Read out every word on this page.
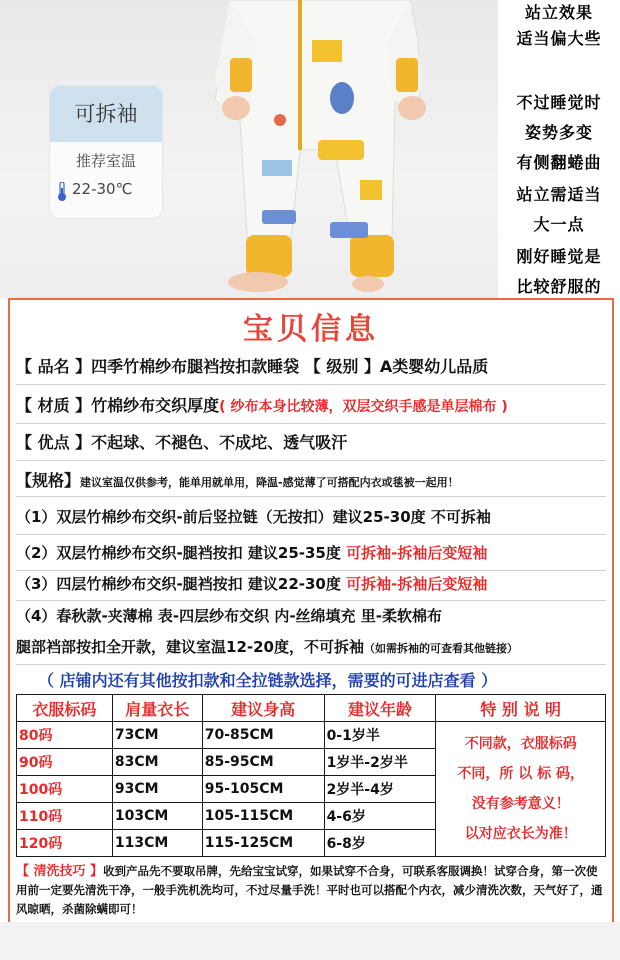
可拆袖
推荐室温
22-30℃
站立效果
适当偏大些
不过睡觉时
姿势多变
有侧翻蜷曲
站立需适当
大一点
刚好睡觉是
比较舒服的
宝贝信息
【 品名 】四季竹棉纱布腿裆按扣款睡袋 【 级别 】A类婴幼儿品质
【 材质 】竹棉纱布交织厚度( 纱布本身比较薄，双层交织手感是单层棉布 )
【 优点 】不起球、不褪色、不成坨、透气吸汗
【规格】建议室温仅供参考，能单用就单用，降温-感觉薄了可搭配内衣或毯被一起用！
（1）双层竹棉纱布交织-前后竖拉链（无按扣）建议25-30度 不可拆袖
（2）双层竹棉纱布交织-腿裆按扣 建议25-35度 可拆袖-拆袖后变短袖
（3）四层竹棉纱布交织-腿裆按扣 建议22-30度 可拆袖-拆袖后变短袖
（4）春秋款-夹薄棉 表-四层纱布交织 内-丝绵填充 里-柔软棉布
腿部裆部按扣全开款，建议室温12-20度，不可拆袖（如需拆袖的可查看其他链接）
（ 店铺内还有其他按扣款和全拉链款选择，需要的可进店查看 ）
衣服标码	肩量衣长	建议身高	建议年龄	特 别 说 明
80码	73CM	70-85CM	0-1岁半	不同款，衣服标码
不同，所 以 标 码，
没有参考意义！
以对应衣长为准！

90码	83CM	85-95CM	1岁半-2岁半	
100码	93CM	95-105CM	2岁半-4岁	
110码	103CM	105-115CM	4-6岁	
120码	113CM	115-125CM	6-8岁	
【 清洗技巧 】收到产品先不要取吊牌，先给宝宝试穿，如果试穿不合身，可联系客服调换！试穿合身，第一次使用前一定要先清洗干净，一般手洗机洗均可，不过尽量手洗！平时也可以搭配个内衣，减少清洗次数，天气好了，通风晾晒，杀菌除螨即可！
